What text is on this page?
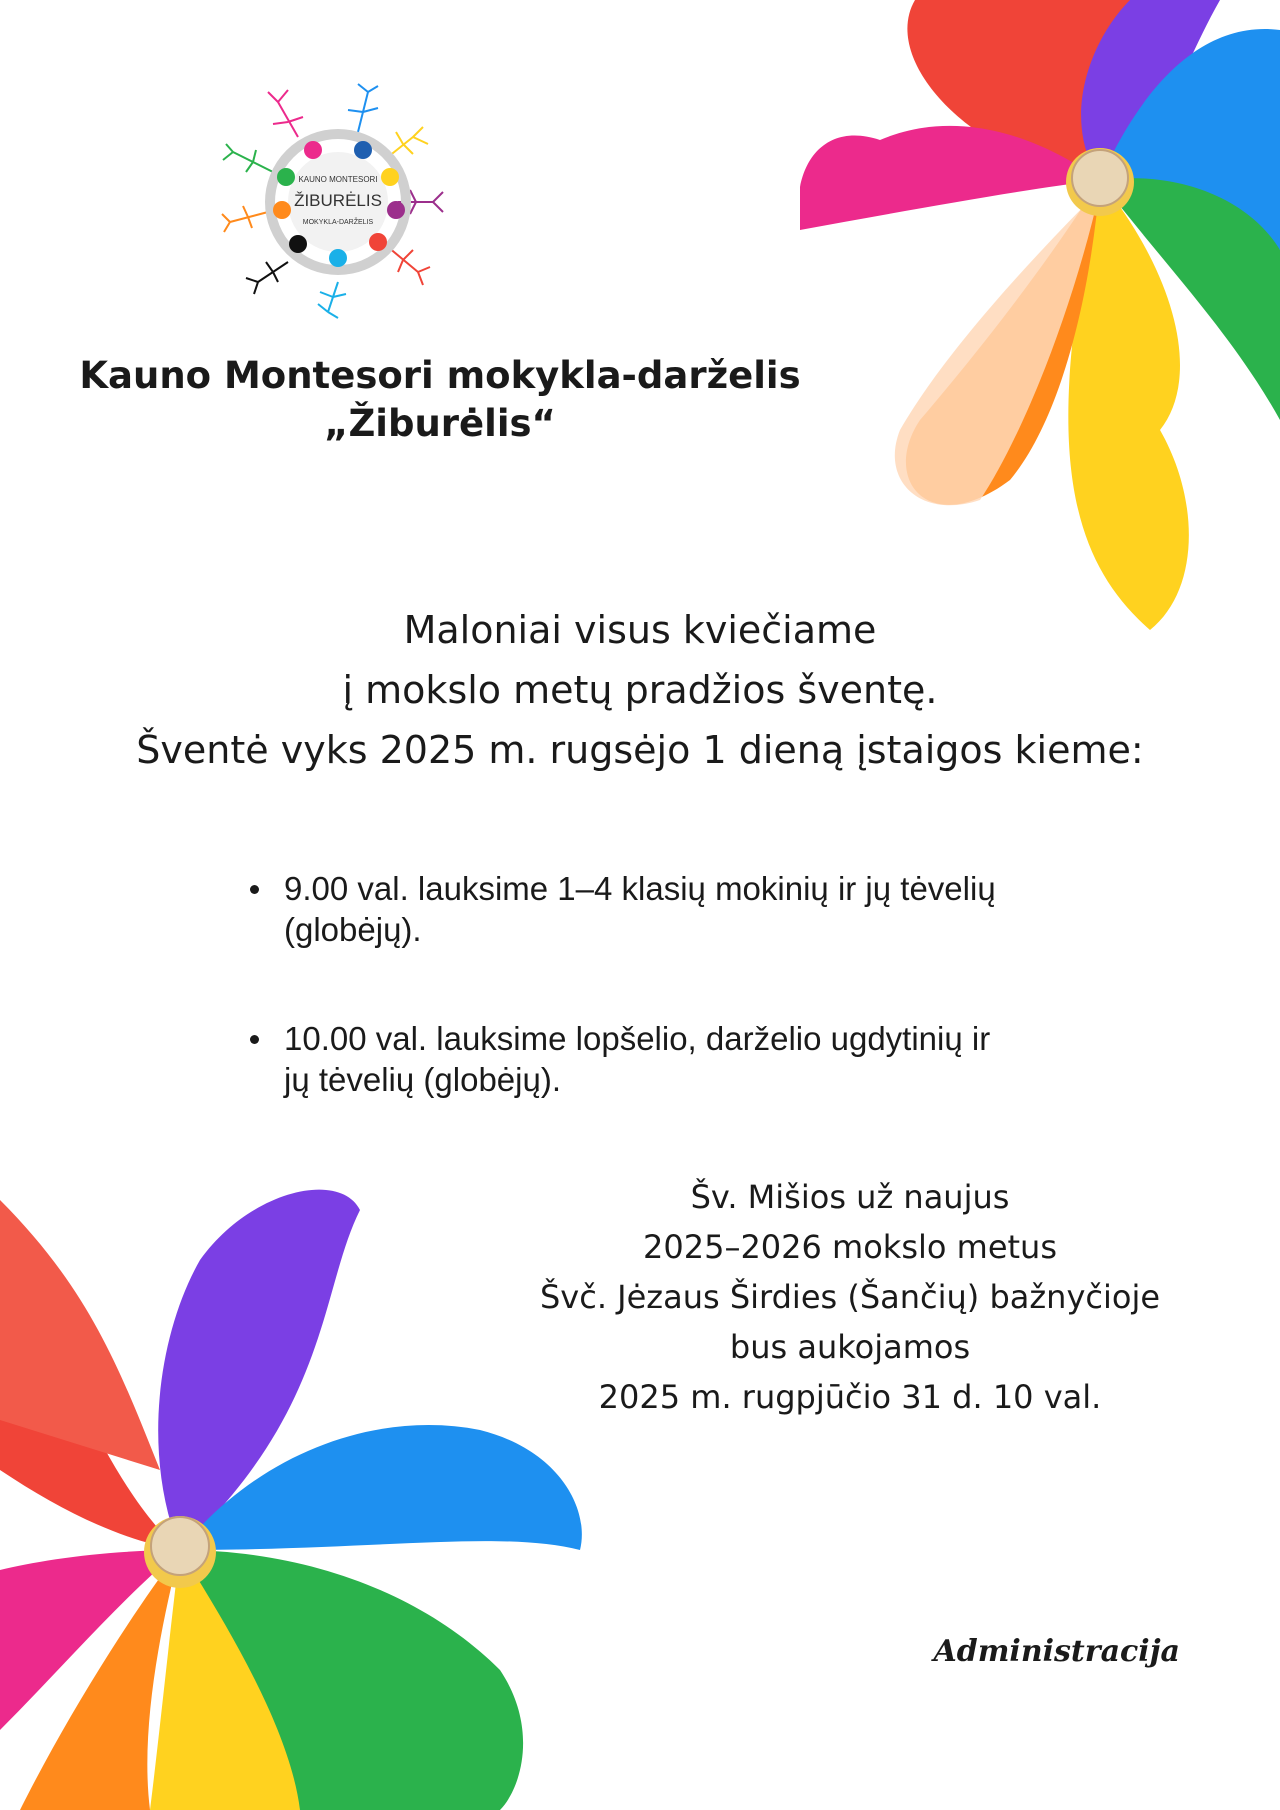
KAUNO MONTESORI
ŽIBURĖLIS
MOKYKLA-DARŽELIS
Kauno Montesori mokykla-darželis
„Žiburėlis“
Maloniai visus kviečiame
į mokslo metų pradžios šventę.
Šventė vyks 2025 m. rugsėjo 1 dieną įstaigos kieme:
9.00 val. lauksime 1–4 klasių mokinių ir jų tėvelių
(globėjų).
10.00 val. lauksime lopšelio, darželio ugdytinių ir
jų tėvelių (globėjų).
Šv. Mišios už naujus
2025–2026 mokslo metus
Švč. Jėzaus Širdies (Šančių) bažnyčioje
bus aukojamos
2025 m. rugpjūčio 31 d. 10 val.
Administracija
